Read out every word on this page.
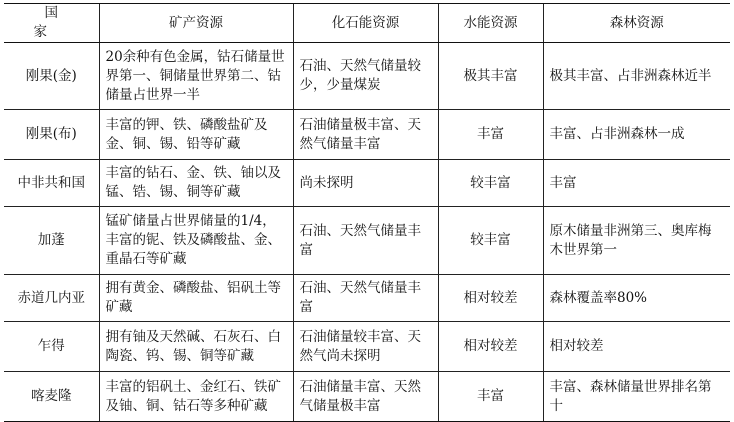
国 家	矿产资源	化石能资源	水能资源	森林资源
刚果(金)	20余种有色金属，钴石储量世界第一、铜储量世界第二、钴储量占世界一半	石油、天然气储量较少，少量煤炭	极其丰富	极其丰富、占非洲森林近半
刚果(布)	丰富的钾、铁、磷酸盐矿及金、铜、锡、铅等矿藏	石油储量极丰富、天然气储量丰富	丰富	丰富、占非洲森林一成
中非共和国	丰富的钻石、金、铁、铀以及锰、锆、锡、铜等矿藏	尚未探明	较丰富	丰富
加蓬	锰矿储量占世界储量的1/4，丰富的铌、铁及磷酸盐、金、重晶石等矿藏	石油、天然气储量丰富	较丰富	原木储量非洲第三、奥库梅木世界第一
赤道几内亚	拥有黄金、磷酸盐、铝矾土等矿藏	石油、天然气储量丰富	相对较差	森林覆盖率80%
乍得	拥有铀及天然碱、石灰石、白陶瓷、钨、锡、铜等矿藏	石油储量较丰富、天然气尚未探明	相对较差	相对较差
喀麦隆	丰富的铝矾土、金红石、铁矿及铀、铜、钴石等多种矿藏	石油储量丰富、天然气储量极丰富	丰富	丰富、森林储量世界排名第十
